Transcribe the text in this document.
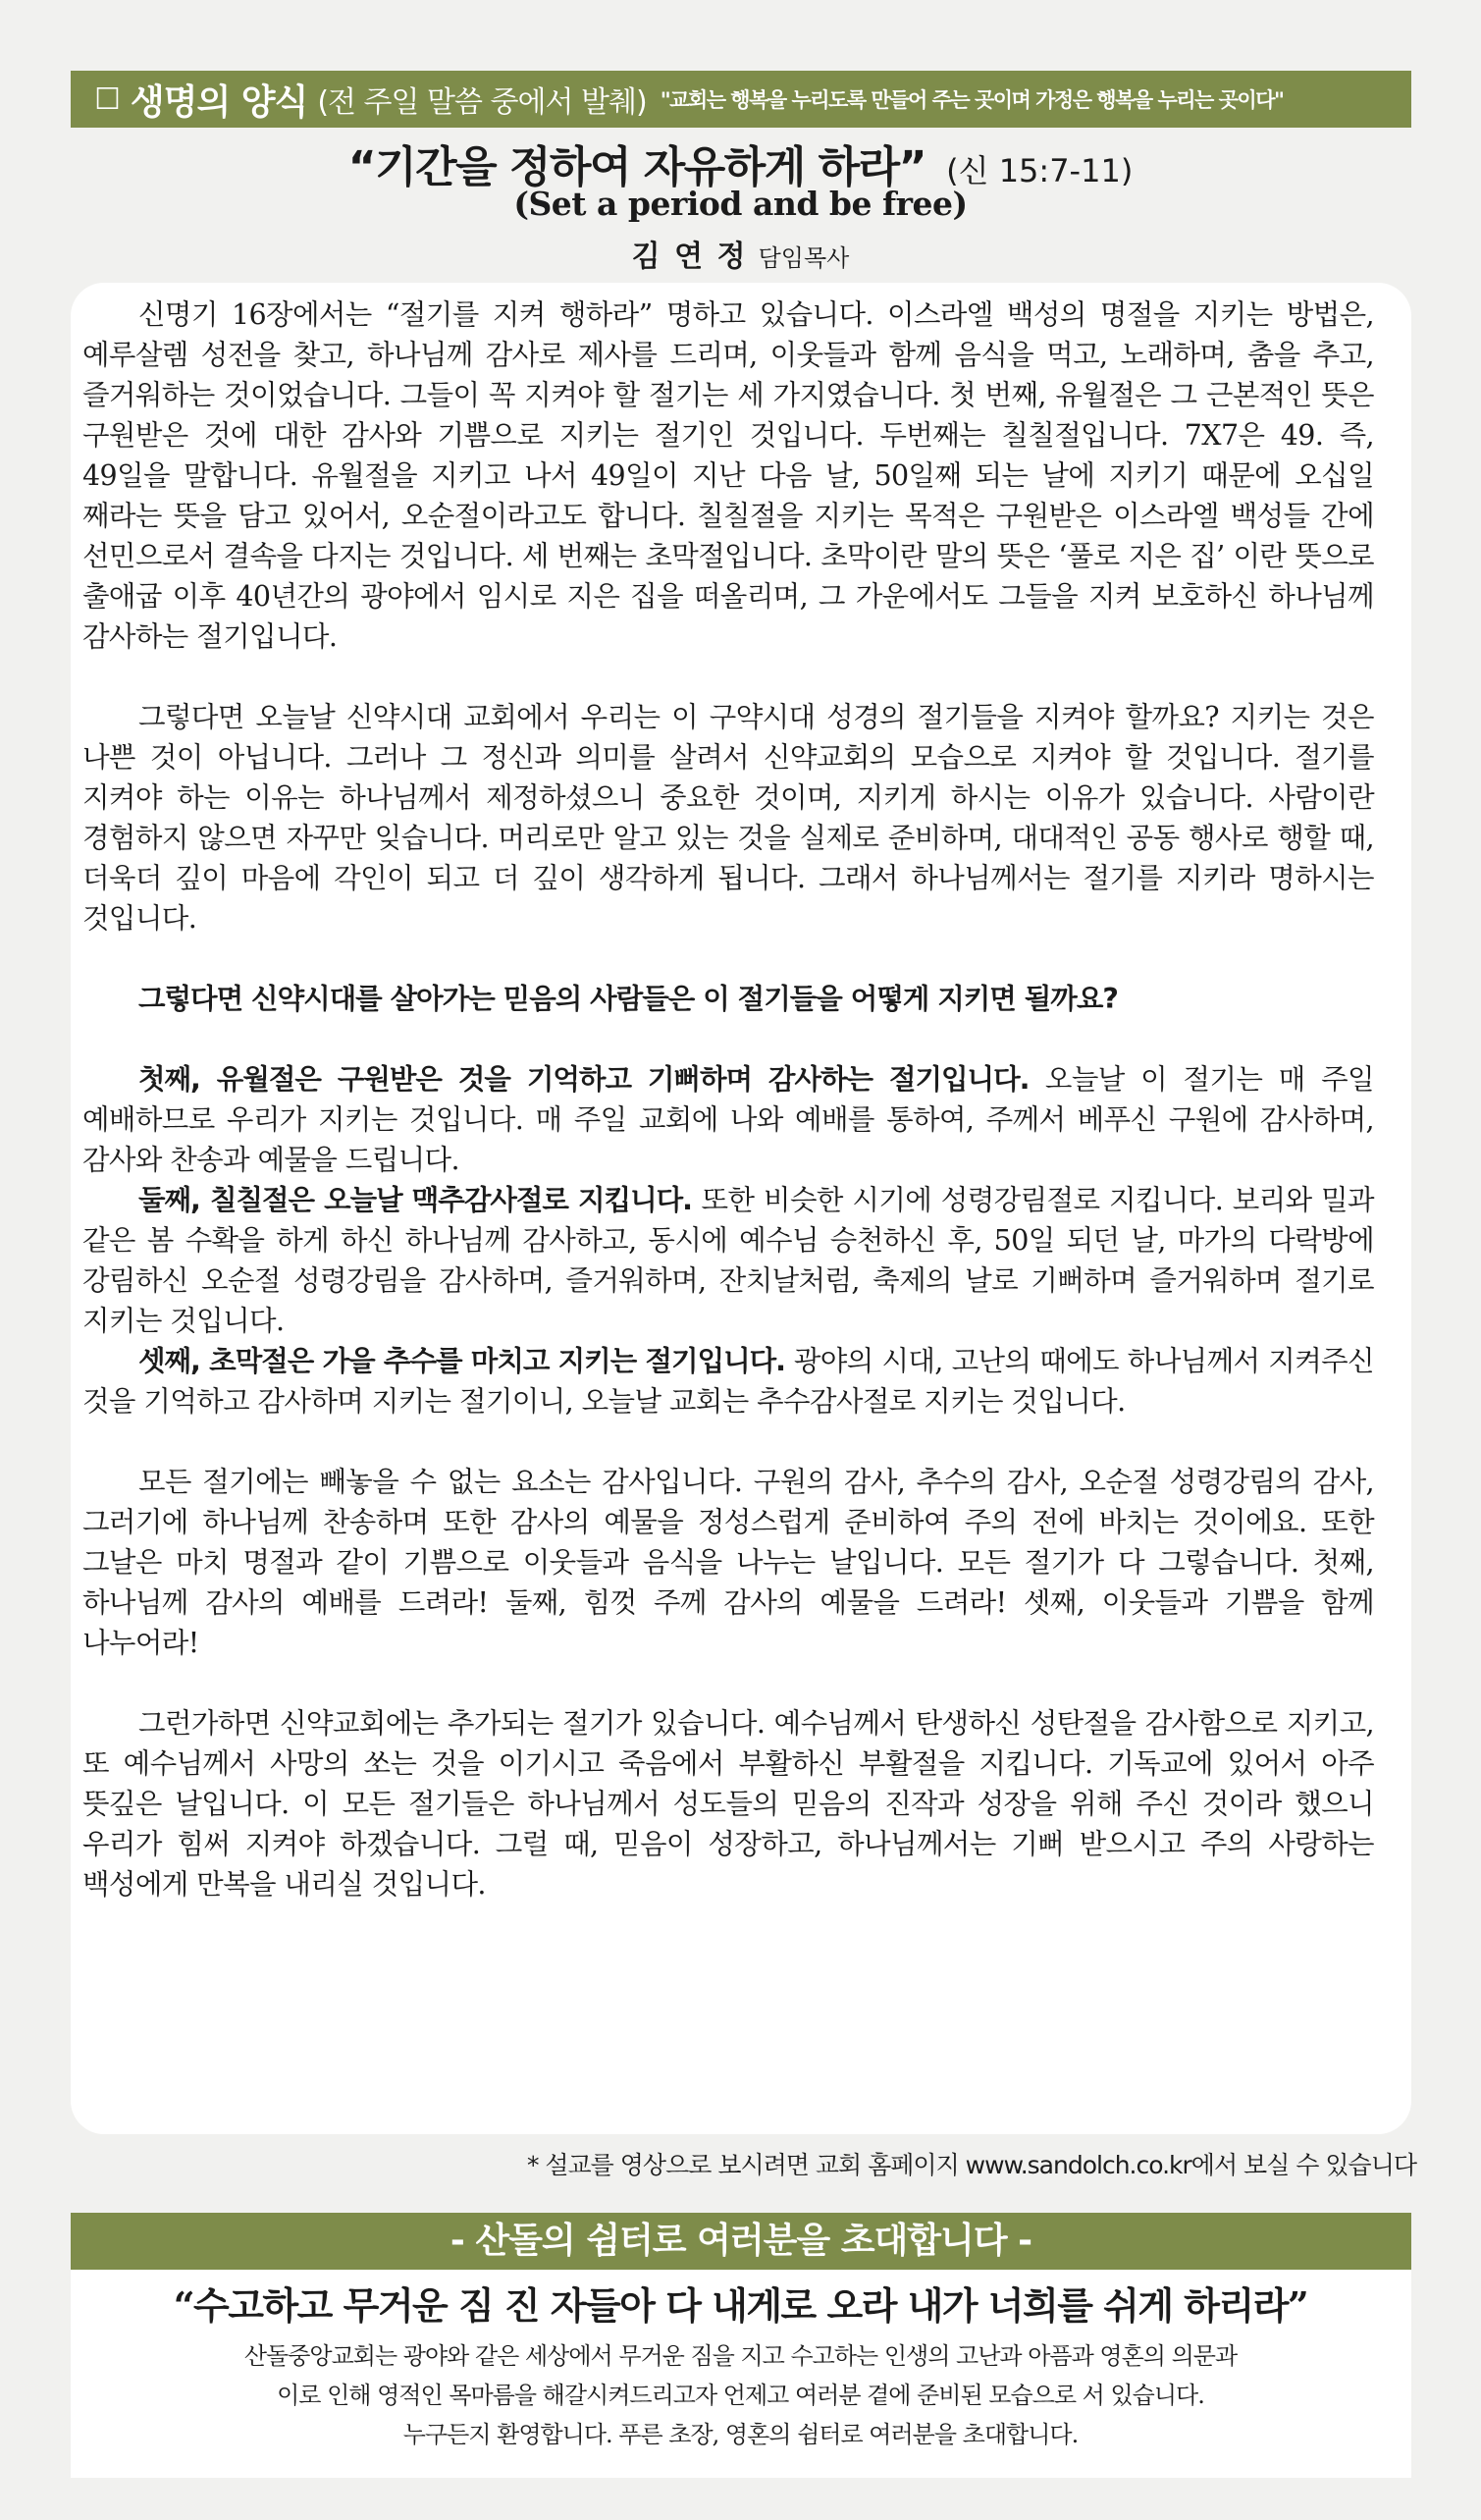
☐ 생명의 양식 (전 주일 말씀 중에서 발췌) "교회는 행복을 누리도록 만들어 주는 곳이며 가정은 행복을 누리는 곳이다"
“기간을 정하여 자유하게 하라” (신 15:7-11)
(Set a period and be free)
김 연 정 담임목사

신명기 16장에서는 “절기를 지켜 행하라” 명하고 있습니다. 이스라엘 백성의 명절을 지키는 방법은, 예루살렘 성전을 찾고, 하나님께 감사로 제사를 드리며, 이웃들과 함께 음식을 먹고, 노래하며, 춤을 추고, 즐거워하는 것이었습니다. 그들이 꼭 지켜야 할 절기는 세 가지였습니다. 첫 번째, 유월절은 그 근본적인 뜻은 구원받은 것에 대한 감사와 기쁨으로 지키는 절기인 것입니다. 두번째는 칠칠절입니다. 7X7은 49. 즉, 49일을 말합니다. 유월절을 지키고 나서 49일이 지난 다음 날, 50일째 되는 날에 지키기 때문에 오십일 째라는 뜻을 담고 있어서, 오순절이라고도 합니다. 칠칠절을 지키는 목적은 구원받은 이스라엘 백성들 간에 선민으로서 결속을 다지는 것입니다. 세 번째는 초막절입니다. 초막이란 말의 뜻은 ‘풀로 지은 집’ 이란 뜻으로 출애굽 이후 40년간의 광야에서 임시로 지은 집을 떠올리며, 그 가운에서도 그들을 지켜 보호하신 하나님께 감사하는 절기입니다.

그렇다면 오늘날 신약시대 교회에서 우리는 이 구약시대 성경의 절기들을 지켜야 할까요? 지키는 것은 나쁜 것이 아닙니다. 그러나 그 정신과 의미를 살려서 신약교회의 모습으로 지켜야 할 것입니다. 절기를 지켜야 하는 이유는 하나님께서 제정하셨으니 중요한 것이며, 지키게 하시는 이유가 있습니다. 사람이란 경험하지 않으면 자꾸만 잊습니다. 머리로만 알고 있는 것을 실제로 준비하며, 대대적인 공동 행사로 행할 때, 더욱더 깊이 마음에 각인이 되고 더 깊이 생각하게 됩니다. 그래서 하나님께서는 절기를 지키라 명하시는 것입니다.

그렇다면 신약시대를 살아가는 믿음의 사람들은 이 절기들을 어떻게 지키면 될까요?

첫째, 유월절은 구원받은 것을 기억하고 기뻐하며 감사하는 절기입니다. 오늘날 이 절기는 매 주일 예배하므로 우리가 지키는 것입니다. 매 주일 교회에 나와 예배를 통하여, 주께서 베푸신 구원에 감사하며, 감사와 찬송과 예물을 드립니다.

둘째, 칠칠절은 오늘날 맥추감사절로 지킵니다. 또한 비슷한 시기에 성령강림절로 지킵니다. 보리와 밀과 같은 봄 수확을 하게 하신 하나님께 감사하고, 동시에 예수님 승천하신 후, 50일 되던 날, 마가의 다락방에 강림하신 오순절 성령강림을 감사하며, 즐거워하며, 잔치날처럼, 축제의 날로 기뻐하며 즐거워하며 절기로 지키는 것입니다.

셋째, 초막절은 가을 추수를 마치고 지키는 절기입니다. 광야의 시대, 고난의 때에도 하나님께서 지켜주신 것을 기억하고 감사하며 지키는 절기이니, 오늘날 교회는 추수감사절로 지키는 것입니다.

모든 절기에는 빼놓을 수 없는 요소는 감사입니다. 구원의 감사, 추수의 감사, 오순절 성령강림의 감사, 그러기에 하나님께 찬송하며 또한 감사의 예물을 정성스럽게 준비하여 주의 전에 바치는 것이에요. 또한 그날은 마치 명절과 같이 기쁨으로 이웃들과 음식을 나누는 날입니다. 모든 절기가 다 그렇습니다. 첫째, 하나님께 감사의 예배를 드려라! 둘째, 힘껏 주께 감사의 예물을 드려라! 셋째, 이웃들과 기쁨을 함께 나누어라!

그런가하면 신약교회에는 추가되는 절기가 있습니다. 예수님께서 탄생하신 성탄절을 감사함으로 지키고, 또 예수님께서 사망의 쏘는 것을 이기시고 죽음에서 부활하신 부활절을 지킵니다. 기독교에 있어서 아주 뜻깊은 날입니다. 이 모든 절기들은 하나님께서 성도들의 믿음의 진작과 성장을 위해 주신 것이라 했으니 우리가 힘써 지켜야 하겠습니다. 그럴 때, 믿음이 성장하고, 하나님께서는 기뻐 받으시고 주의 사랑하는 백성에게 만복을 내리실 것입니다.

* 설교를 영상으로 보시려면 교회 홈페이지 www.sandolch.co.kr에서 보실 수 있습니다
- 산돌의 쉼터로 여러분을 초대합니다 -
“수고하고 무거운 짐 진 자들아 다 내게로 오라 내가 너희를 쉬게 하리라”
산돌중앙교회는 광야와 같은 세상에서 무거운 짐을 지고 수고하는 인생의 고난과 아픔과 영혼의 의문과
이로 인해 영적인 목마름을 해갈시켜드리고자 언제고 여러분 곁에 준비된 모습으로 서 있습니다.
누구든지 환영합니다. 푸른 초장, 영혼의 쉼터로 여러분을 초대합니다.
